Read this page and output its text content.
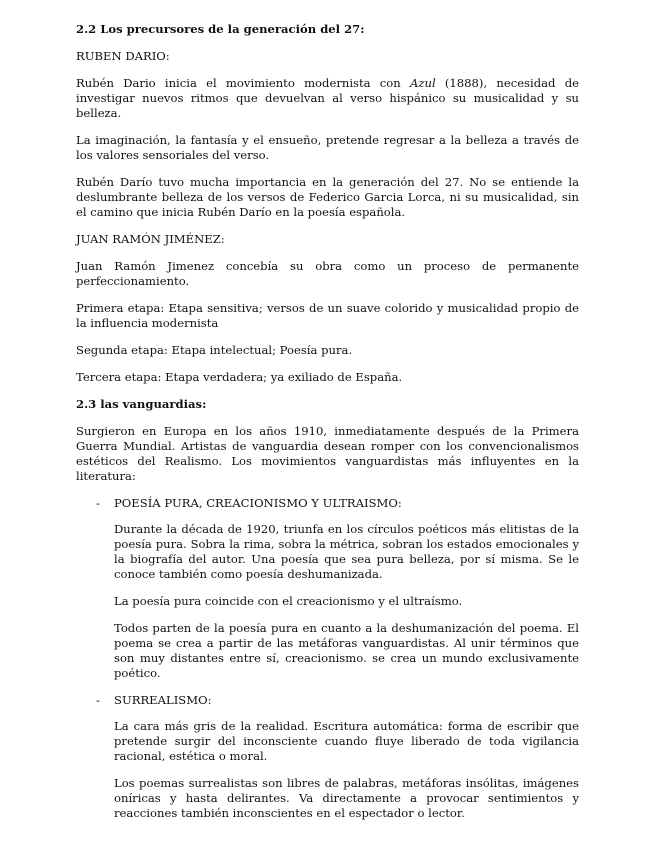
2.2 Los precursores de la generación del 27:

RUBEN DARIO:

Rubén Dario inicia el movimiento modernista con Azul (1888), necesidad de investigar nuevos ritmos que devuelvan al verso hispánico su musicalidad y su belleza.

La imaginación, la fantasía y el ensueño, pretende regresar a la belleza a través de los valores sensoriales del verso.

Rubén Darío tuvo mucha importancia en la generación del 27. No se entiende la deslumbrante belleza de los versos de Federico Garcia Lorca, ni su musicalidad, sin el camino que inicia Rubén Darío en la poesía española.

JUAN RAMÓN JIMÉNEZ:

Juan Ramón Jimenez concebía su obra como un proceso de permanente perfeccionamiento.

Primera etapa: Etapa sensitiva; versos de un suave colorido y musicalidad propio de la influencia modernista

Segunda etapa: Etapa intelectual; Poesía pura.

Tercera etapa: Etapa verdadera; ya exiliado de España.

2.3 las vanguardias:

Surgieron en Europa en los años 1910, inmediatamente después de la Primera Guerra Mundial. Artistas de vanguardia desean romper con los convencionalismos estéticos del Realismo. Los movimientos vanguardistas más influyentes en la literatura:

- POESÍA PURA, CREACIONISMO Y ULTRAISMO:

Durante la década de 1920, triunfa en los círculos poéticos más elitistas de la poesía pura. Sobra la rima, sobra la métrica, sobran los estados emocionales y la biografía del autor. Una poesía que sea pura belleza, por sí misma. Se le conoce también como poesía deshumanizada.

La poesía pura coincide con el creacionismo y el ultraísmo.

Todos parten de la poesía pura en cuanto a la deshumanización del poema. El poema se crea a partir de las metáforas vanguardistas. Al unir términos que son muy distantes entre sí, creacionismo. se crea un mundo exclusivamente poético.

- SURREALISMO:

La cara más gris de la realidad. Escritura automática: forma de escribir que pretende surgir del inconsciente cuando fluye liberado de toda vigilancia racional, estética o moral.

Los poemas surrealistas son libres de palabras, metáforas insólitas, imágenes oníricas y hasta delirantes. Va directamente a provocar sentimientos y reacciones también inconscientes en el espectador o lector.
